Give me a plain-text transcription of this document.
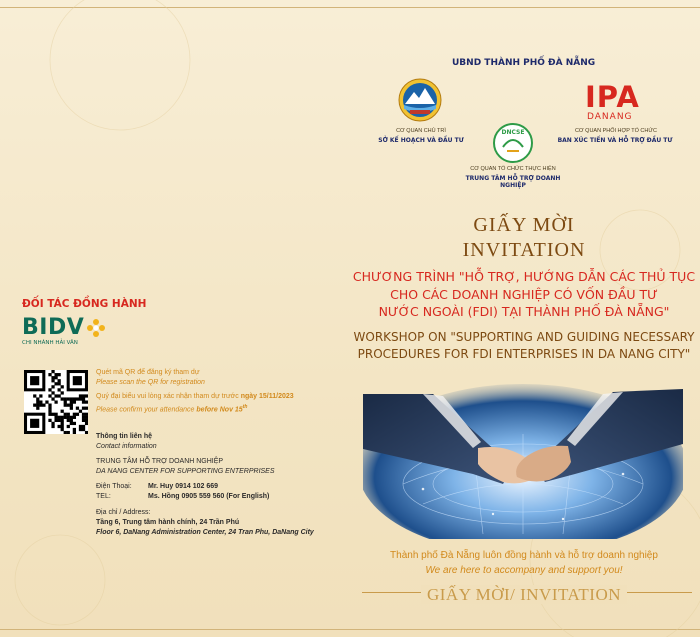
UBND THÀNH PHỐ ĐÀ NẴNG
CƠ QUAN CHỦ TRÌ
SỞ KẾ HOẠCH VÀ ĐẦU TƯ
DNCSE
CƠ QUAN TỔ CHỨC THỰC HIỆN
TRUNG TÂM HỖ TRỢ DOANH NGHIỆP
IPA
DANANG
CƠ QUAN PHỐI HỢP TỔ CHỨC
BAN XÚC TIẾN VÀ HỖ TRỢ ĐẦU TƯ
GIẤY MỜI
INVITATION
CHƯƠNG TRÌNH "HỖ TRỢ, HƯỚNG DẪN CÁC THỦ TỤC
CHO CÁC DOANH NGHIỆP CÓ VỐN ĐẦU TƯ
NƯỚC NGOÀI (FDI) TẠI THÀNH PHỐ ĐÀ NẴNG"
WORKSHOP ON "SUPPORTING AND GUIDING NECESSARY
PROCEDURES FOR FDI ENTERPRISES IN DA NANG CITY"
Thành phố Đà Nẵng luôn đồng hành và hỗ trợ doanh nghiệp
We are here to accompany and support you!
GIẤY MỜI/ INVITATION
ĐỐI TÁC ĐỒNG HÀNH
BIDV
CHI NHÁNH HẢI VÂN
Quét mã QR để đăng ký tham dự
Please scan the QR for registration
Quý đại biểu vui lòng xác nhận tham dự trước ngày 15/11/2023
Please confirm your attendance before Nov 15th
Thông tin liên hệ
Contact information
TRUNG TÂM HỖ TRỢ DOANH NGHIỆP
DA NANG CENTER FOR SUPPORTING ENTERPRISES
Điện Thoại:	Mr. Huy 0914 102 669
TEL:	Ms. Hồng 0905 559 560 (For English)
Địa chỉ / Address:
Tầng 6, Trung tâm hành chính, 24 Trần Phú
Floor 6, DaNang Administration Center, 24 Tran Phu, DaNang City
